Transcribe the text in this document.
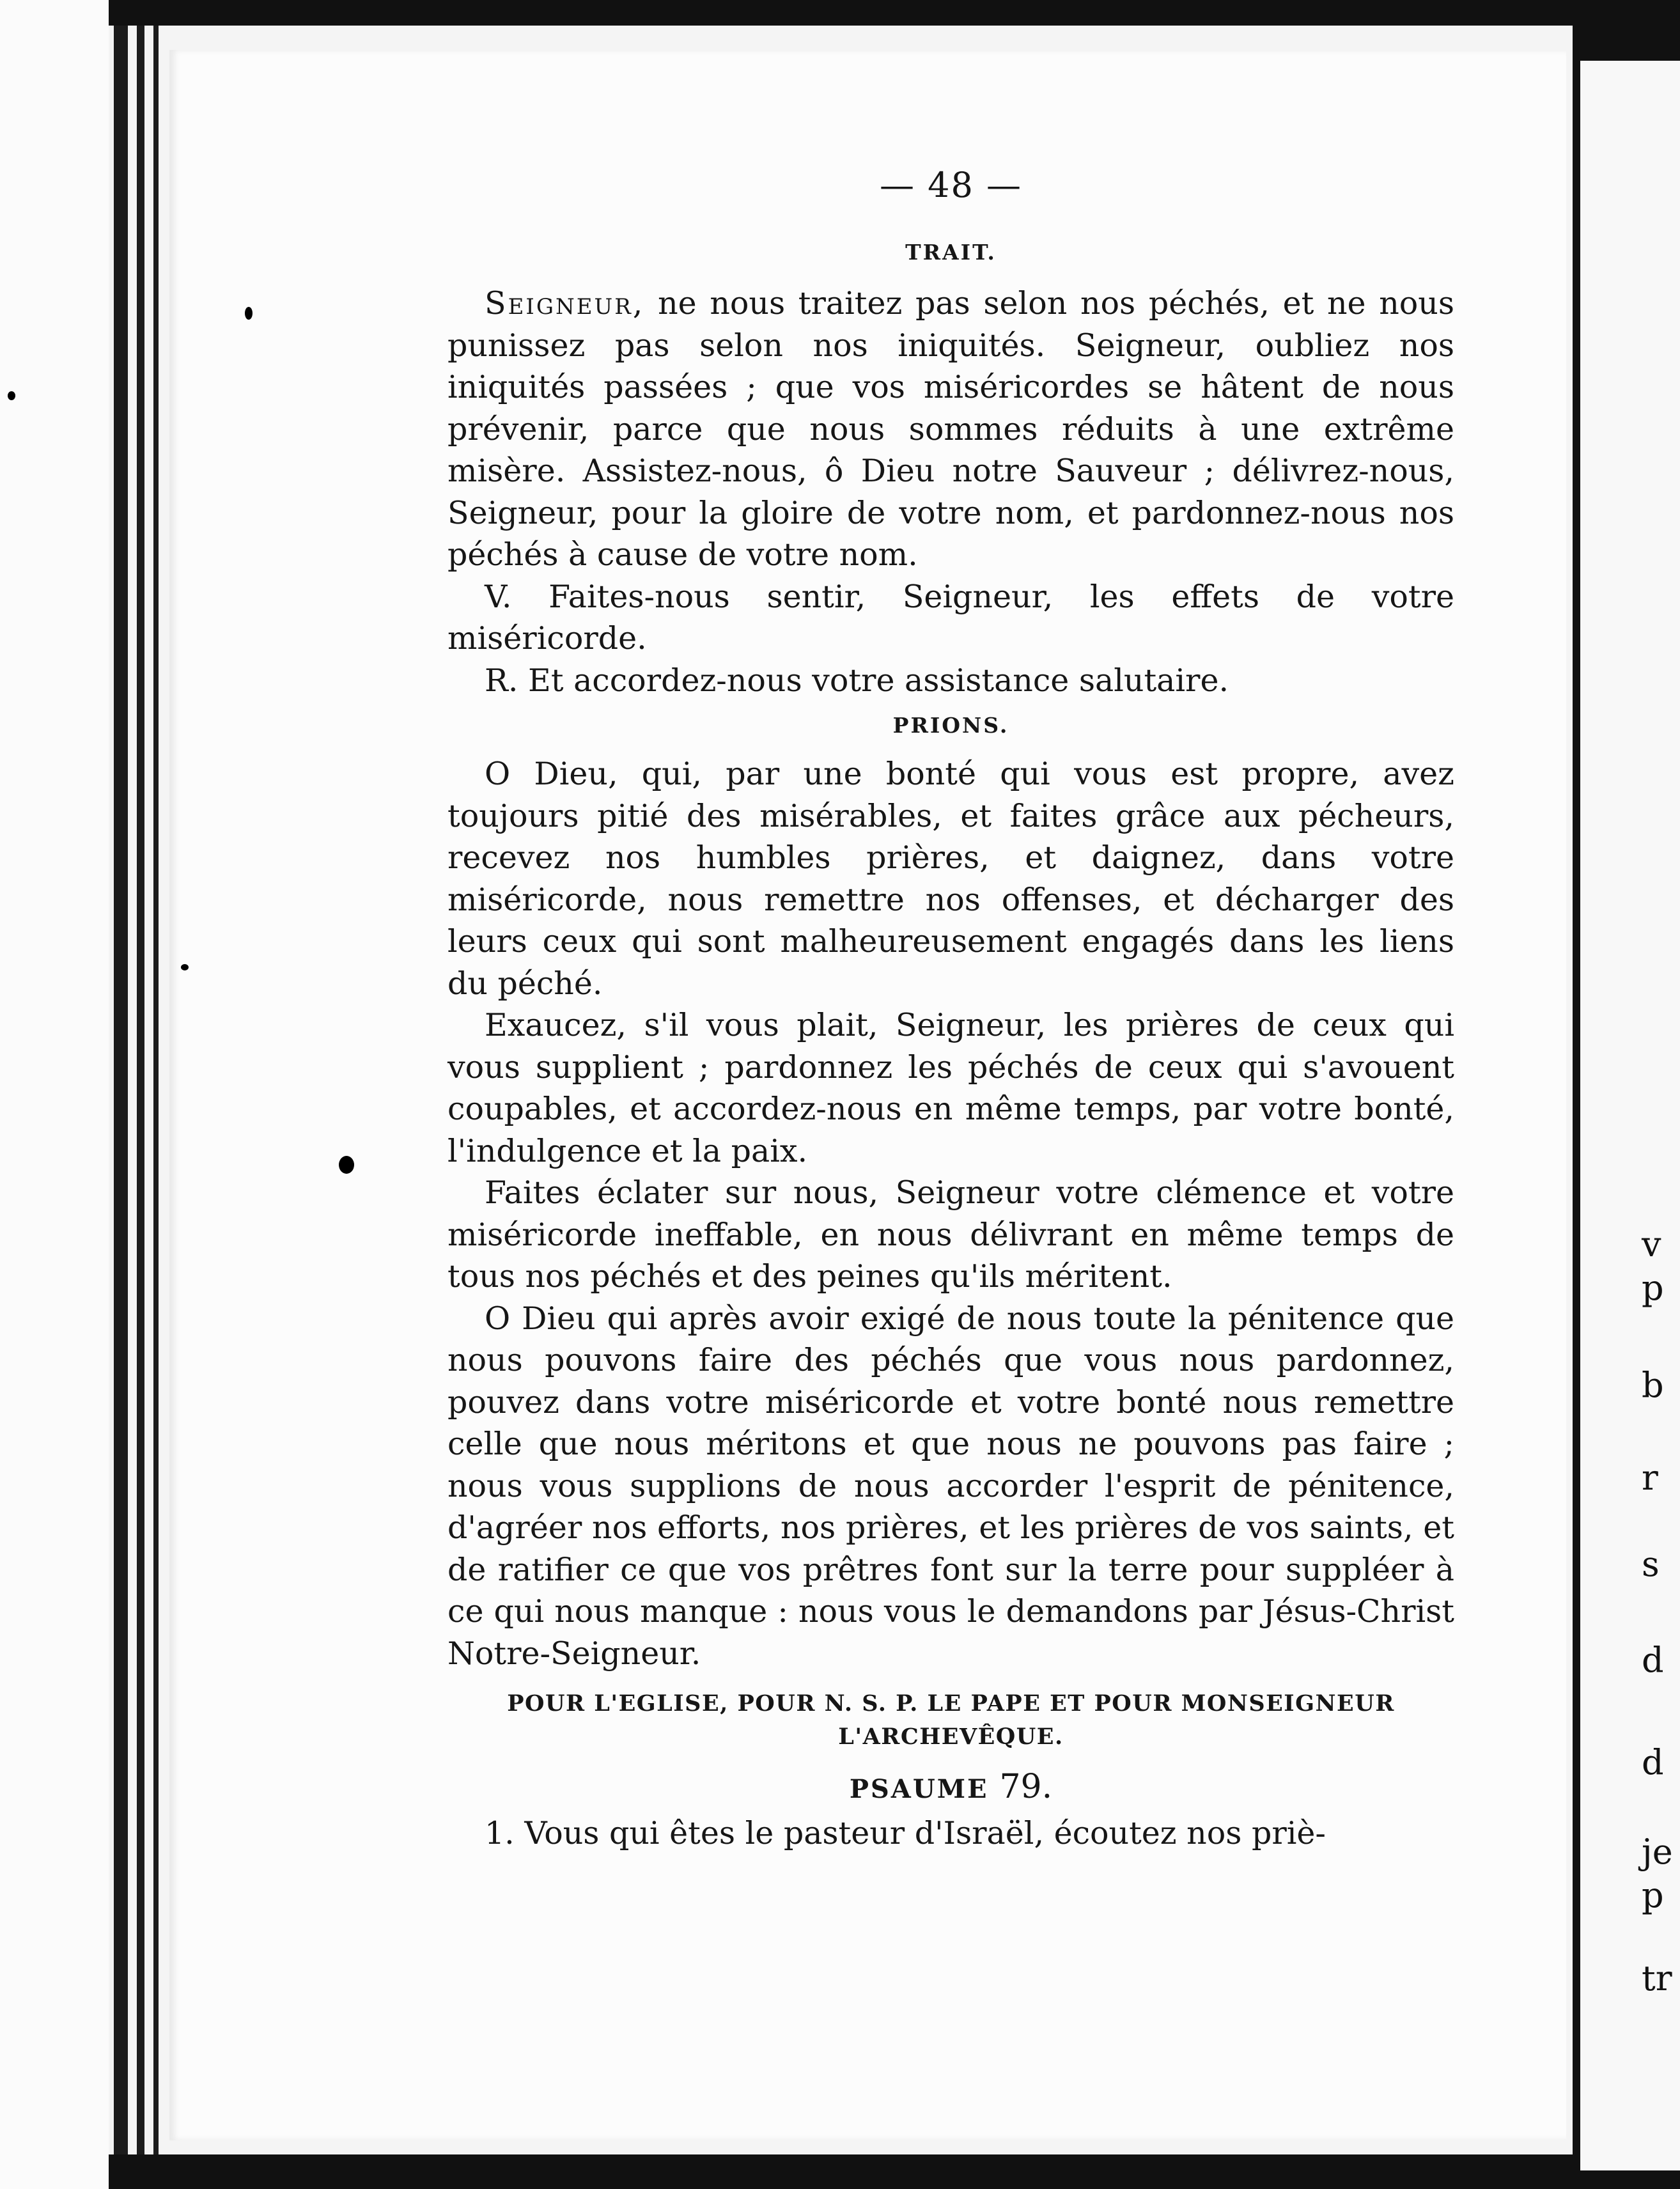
v
p
b
r
s
d
d
je
p
tr
— 48 —
TRAIT.

Seigneur, ne nous traitez pas selon nos péchés, et ne nous punissez pas selon nos iniquités. Seigneur, oubliez nos iniquités passées ; que vos miséricordes se hâtent de nous prévenir, parce que nous sommes réduits à une extrême misère. Assistez-nous, ô Dieu notre Sauveur ; délivrez-nous, Seigneur, pour la gloire de votre nom, et pardonnez-nous nos péchés à cause de votre nom.

V. Faites-nous sentir, Seigneur, les effets de votre miséricorde.

R. Et accordez-nous votre assistance salutaire.

PRIONS.

O Dieu, qui, par une bonté qui vous est propre, avez toujours pitié des misérables, et faites grâce aux pécheurs, recevez nos humbles prières, et daignez, dans votre miséricorde, nous remettre nos offenses, et décharger des leurs ceux qui sont malheureusement engagés dans les liens du péché.

Exaucez, s'il vous plait, Seigneur, les prières de ceux qui vous supplient ; pardonnez les péchés de ceux qui s'avouent coupables, et accordez-nous en même temps, par votre bonté, l'indulgence et la paix.

Faites éclater sur nous, Seigneur votre clémence et votre miséricorde ineffable, en nous délivrant en même temps de tous nos péchés et des peines qu'ils méritent.

O Dieu qui après avoir exigé de nous toute la pénitence que nous pouvons faire des péchés que vous nous pardonnez, pouvez dans votre miséricorde et votre bonté nous remettre celle que nous méritons et que nous ne pouvons pas faire ; nous vous supplions de nous accorder l'esprit de pénitence, d'agréer nos efforts, nos prières, et les prières de vos saints, et de ratifier ce que vos prêtres font sur la terre pour suppléer à ce qui nous manque : nous vous le demandons par Jésus-Christ Notre-Seigneur.

POUR L'EGLISE, POUR N. S. P. LE PAPE ET POUR MONSEIGNEUR L'ARCHEVÊQUE.
PSAUME 79.

1. Vous qui êtes le pasteur d'Israël, écoutez nos priè-
